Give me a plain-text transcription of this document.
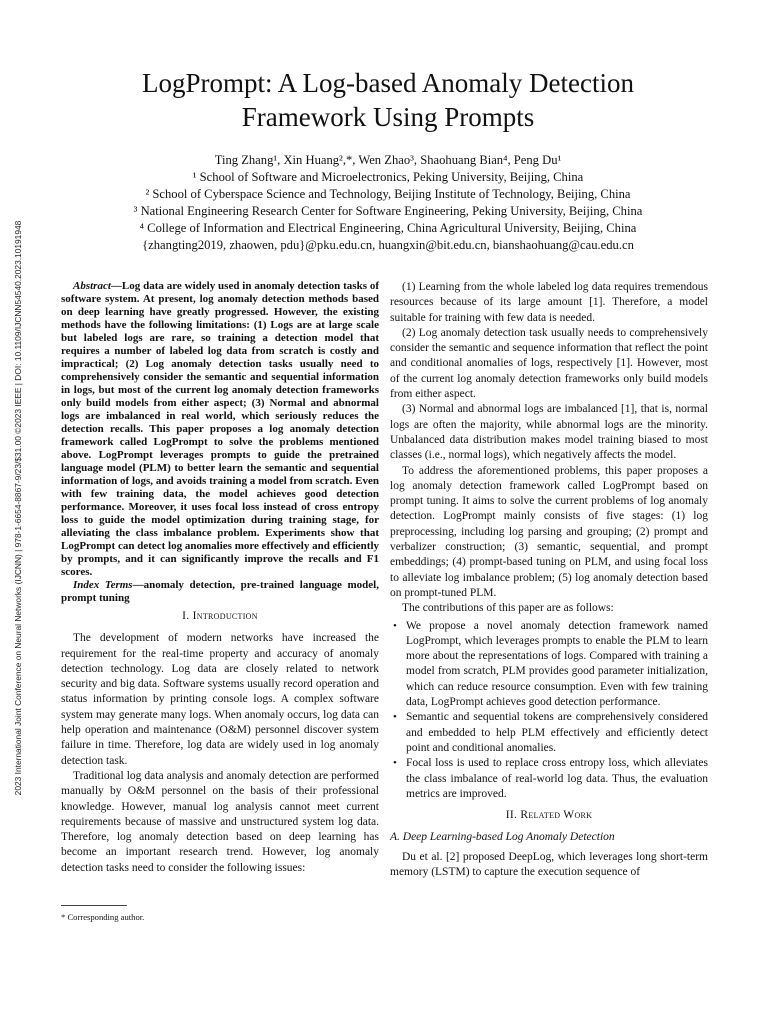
2023 International Joint Conference on Neural Networks (IJCNN) | 978-1-6654-8867-9/23/$31.00 ©2023 IEEE | DOI: 10.1109/IJCNN54540.2023.10191948
LogPrompt: A Log-based Anomaly Detection
Framework Using Prompts
Ting Zhang¹, Xin Huang²,*, Wen Zhao³, Shaohuang Bian⁴, Peng Du¹
¹ School of Software and Microelectronics, Peking University, Beijing, China
² School of Cyberspace Science and Technology, Beijing Institute of Technology, Beijing, China
³ National Engineering Research Center for Software Engineering, Peking University, Beijing, China
⁴ College of Information and Electrical Engineering, China Agricultural University, Beijing, China
{zhangting2019, zhaowen, pdu}@pku.edu.cn, huangxin@bit.edu.cn, bianshaohuang@cau.edu.cn

Abstract—Log data are widely used in anomaly detection tasks of software system. At present, log anomaly detection methods based on deep learning have greatly progressed. However, the existing methods have the following limitations: (1) Logs are at large scale but labeled logs are rare, so training a detection model that requires a number of labeled log data from scratch is costly and impractical; (2) Log anomaly detection tasks usually need to comprehensively consider the semantic and sequential information in logs, but most of the current log anomaly detection frameworks only build models from either aspect; (3) Normal and abnormal logs are imbalanced in real world, which seriously reduces the detection recalls. This paper proposes a log anomaly detection framework called LogPrompt to solve the problems mentioned above. LogPrompt leverages prompts to guide the pretrained language model (PLM) to better learn the semantic and sequential information of logs, and avoids training a model from scratch. Even with few training data, the model achieves good detection performance. Moreover, it uses focal loss instead of cross entropy loss to guide the model optimization during training stage, for alleviating the class imbalance problem. Experiments show that LogPrompt can detect log anomalies more effectively and efficiently by prompts, and it can significantly improve the recalls and F1 scores.

Index Terms—anomaly detection, pre-trained language model, prompt tuning

I. Introduction

The development of modern networks have increased the requirement for the real-time property and accuracy of anomaly detection technology. Log data are closely related to network security and big data. Software systems usually record operation and status information by printing console logs. A complex software system may generate many logs. When anomaly occurs, log data can help operation and maintenance (O&M) personnel discover system failure in time. Therefore, log data are widely used in log anomaly detection task.

Traditional log data analysis and anomaly detection are performed manually by O&M personnel on the basis of their professional knowledge. However, manual log analysis cannot meet current requirements because of massive and unstructured system log data. Therefore, log anomaly detection based on deep learning has become an important research trend. However, log anomaly detection tasks need to consider the following issues:

* Corresponding author.

(1) Learning from the whole labeled log data requires tremendous resources because of its large amount [1]. Therefore, a model suitable for training with few data is needed.

(2) Log anomaly detection task usually needs to comprehensively consider the semantic and sequence information that reflect the point and conditional anomalies of logs, respectively [1]. However, most of the current log anomaly detection frameworks only build models from either aspect.

(3) Normal and abnormal logs are imbalanced [1], that is, normal logs are often the majority, while abnormal logs are the minority. Unbalanced data distribution makes model training biased to most classes (i.e., normal logs), which negatively affects the model.

To address the aforementioned problems, this paper proposes a log anomaly detection framework called LogPrompt based on prompt tuning. It aims to solve the current problems of log anomaly detection. LogPrompt mainly consists of five stages: (1) log preprocessing, including log parsing and grouping; (2) prompt and verbalizer construction; (3) semantic, sequential, and prompt embeddings; (4) prompt-based tuning on PLM, and using focal loss to alleviate log imbalance problem; (5) log anomaly detection based on prompt-tuned PLM.

The contributions of this paper are as follows:

• We propose a novel anomaly detection framework named LogPrompt, which leverages prompts to enable the PLM to learn more about the representations of logs. Compared with training a model from scratch, PLM provides good parameter initialization, which can reduce resource consumption. Even with few training data, LogPrompt achieves good detection performance.
• Semantic and sequential tokens are comprehensively considered and embedded to help PLM effectively and efficiently detect point and conditional anomalies.
• Focal loss is used to replace cross entropy loss, which alleviates the class imbalance of real-world log data. Thus, the evaluation metrics are improved.
II. Related Work
A. Deep Learning-based Log Anomaly Detection

Du et al. [2] proposed DeepLog, which leverages long short-term memory (LSTM) to capture the execution sequence of
